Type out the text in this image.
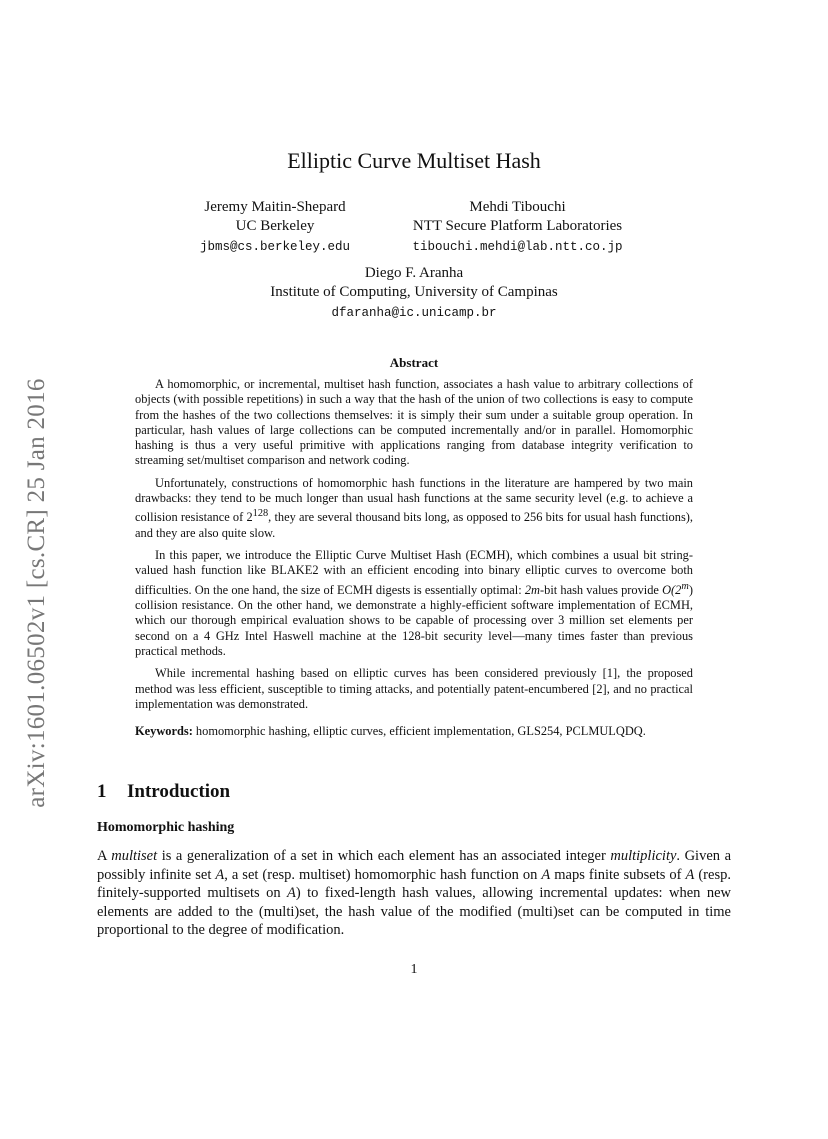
arXiv:1601.06502v1 [cs.CR] 25 Jan 2016
Elliptic Curve Multiset Hash
Jeremy Maitin-Shepard
UC Berkeley
jbms@cs.berkeley.edu
Mehdi Tibouchi
NTT Secure Platform Laboratories
tibouchi.mehdi@lab.ntt.co.jp
Diego F. Aranha
Institute of Computing, University of Campinas
dfaranha@ic.unicamp.br
Abstract

A homomorphic, or incremental, multiset hash function, associates a hash value to arbitrary collections of objects (with possible repetitions) in such a way that the hash of the union of two collections is easy to compute from the hashes of the two collections themselves: it is simply their sum under a suitable group operation. In particular, hash values of large collections can be computed incrementally and/or in parallel. Homomorphic hashing is thus a very useful primitive with applications ranging from database integrity verification to streaming set/multiset comparison and network coding.

Unfortunately, constructions of homomorphic hash functions in the literature are hampered by two main drawbacks: they tend to be much longer than usual hash functions at the same security level (e.g. to achieve a collision resistance of $2^{128}$, they are several thousand bits long, as opposed to 256 bits for usual hash functions), and they are also quite slow.

In this paper, we introduce the Elliptic Curve Multiset Hash (ECMH), which combines a usual bit string-valued hash function like BLAKE2 with an efficient encoding into binary elliptic curves to overcome both difficulties. On the one hand, the size of ECMH digests is essentially optimal: 2m-bit hash values provide O(2$^m$) collision resistance. On the other hand, we demonstrate a highly-efficient software implementation of ECMH, which our thorough empirical evaluation shows to be capable of processing over 3 million set elements per second on a 4 GHz Intel Haswell machine at the 128-bit security level—many times faster than previous practical methods.

While incremental hashing based on elliptic curves has been considered previously [1], the proposed method was less efficient, susceptible to timing attacks, and potentially patent-encumbered [2], and no practical implementation was demonstrated.

Keywords: homomorphic hashing, elliptic curves, efficient implementation, GLS254, PCLMULQDQ.

1 Introduction
Homomorphic hashing

A multiset is a generalization of a set in which each element has an associated integer multiplicity. Given a possibly infinite set A, a set (resp. multiset) homomorphic hash function on A maps finite subsets of A (resp. finitely-supported multisets on A) to fixed-length hash values, allowing incremental updates: when new elements are added to the (multi)set, the hash value of the modified (multi)set can be computed in time proportional to the degree of modification.

1
